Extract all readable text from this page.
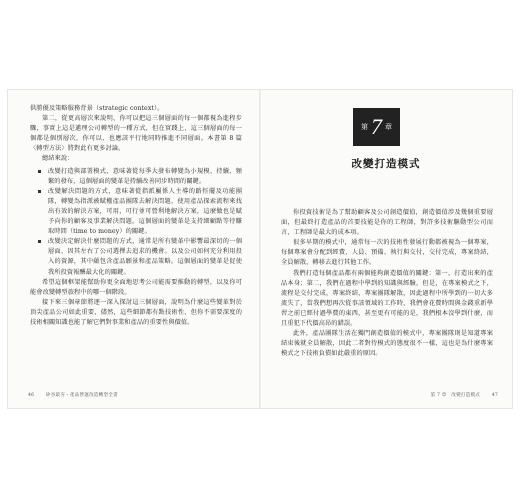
供勝優及策略服務背景（strategic context）。

第二，從更高層次來說明，你可以把這三個層面的每一個都視為進程步驟，事實上這是邁理公司轉型的一種方式，但在實踐上，這三個層面的每一個都是個別層次，你可以，也應該平行地同時推進不同層面。本書第 8 篇〈轉型方法〉將對此有更多討論。

總結來說：

改變打造與部署模式，意味著從每季大發布轉變為小規模、持續、頻繁的發布，這個層面的變革是持續改善同步時間的關鍵。
改變解決問題的方式，意味著從指派屬係人主導的路徑擺及功能團隊，轉變為指派被賦權產品團隊去解決問題，使用產品探索流程來找出有效的解決方案，可用，可行並可營利地解決方案，這麼做也是賦予向你的顧客及事業解決問題。這個層面的變革是支持細顧點等待賺取時間（time to money）的關鍵。
改變決定解決什麼問題的方式，通常是所有變革中影響最深切的一個層面，因其左右了公司選擇去追求的機會。以及公司如何充分利用投入的資源，其中蘊包含產品願景和產品策略。這個層面的變革是促使我所投資報酬最大化的關鍵。

希望這個框架能幫助你更全面地思考公司能需要推動的轉型，以及你可能會改變轉型旅程中的哪一個階段。

接下來三個章節將逐一深入探討這三個層面，說明為什麼這些變革對於頂尖產品公司如此重要，儘然，這些細節都有點技術性，但你不需要深度的技術相關知識也能了解它們對事業和產品的重要性與價值。

46	矽谷最夯・產品營運改造轉型全書
第 7 章
改變打造模式

你投資技術是為了幫助顧客及公司創造價值，創造價值涉及幾個重要層面，但最終打造產品的首要技能是你的工程師，對許多技術驅動型公司而言，工程師是最大的成本項。

很多早期的模式中，通常每一次的技術性發展行動都被視為一個專案，每個專案會分配到經費，人員、預備、執行與交付，交付完成，專案終結，全員解散，轉移去進行其他工作。

我們打造每個產品都有兩個能夠創造價值的關鍵：第一，打造出來的產品本身；第二，我們在過程中學到的知識與經驗，但是，在專案模式之下，流程是交付完成，專案終結，專案團隊解散，因此過程中所學到的一切大多流失了，當我們想再次從事該領域的工作時，我們會花費時間與金錢重新學習之前已經付過學費的東西，甚至更有可能的是，我們根本沒學到什麼，而且重犯下代價高昂的錯誤。

此外，產品團隊生活在獨門創造價值的模式中，專案團隊則是知道專案結束後就全員解散，因此二者對待模式的態度很不一樣，這也是為什麼專案模式之下技術負債如此嚴重的原因。

第 7 章　改變打造模式	47
